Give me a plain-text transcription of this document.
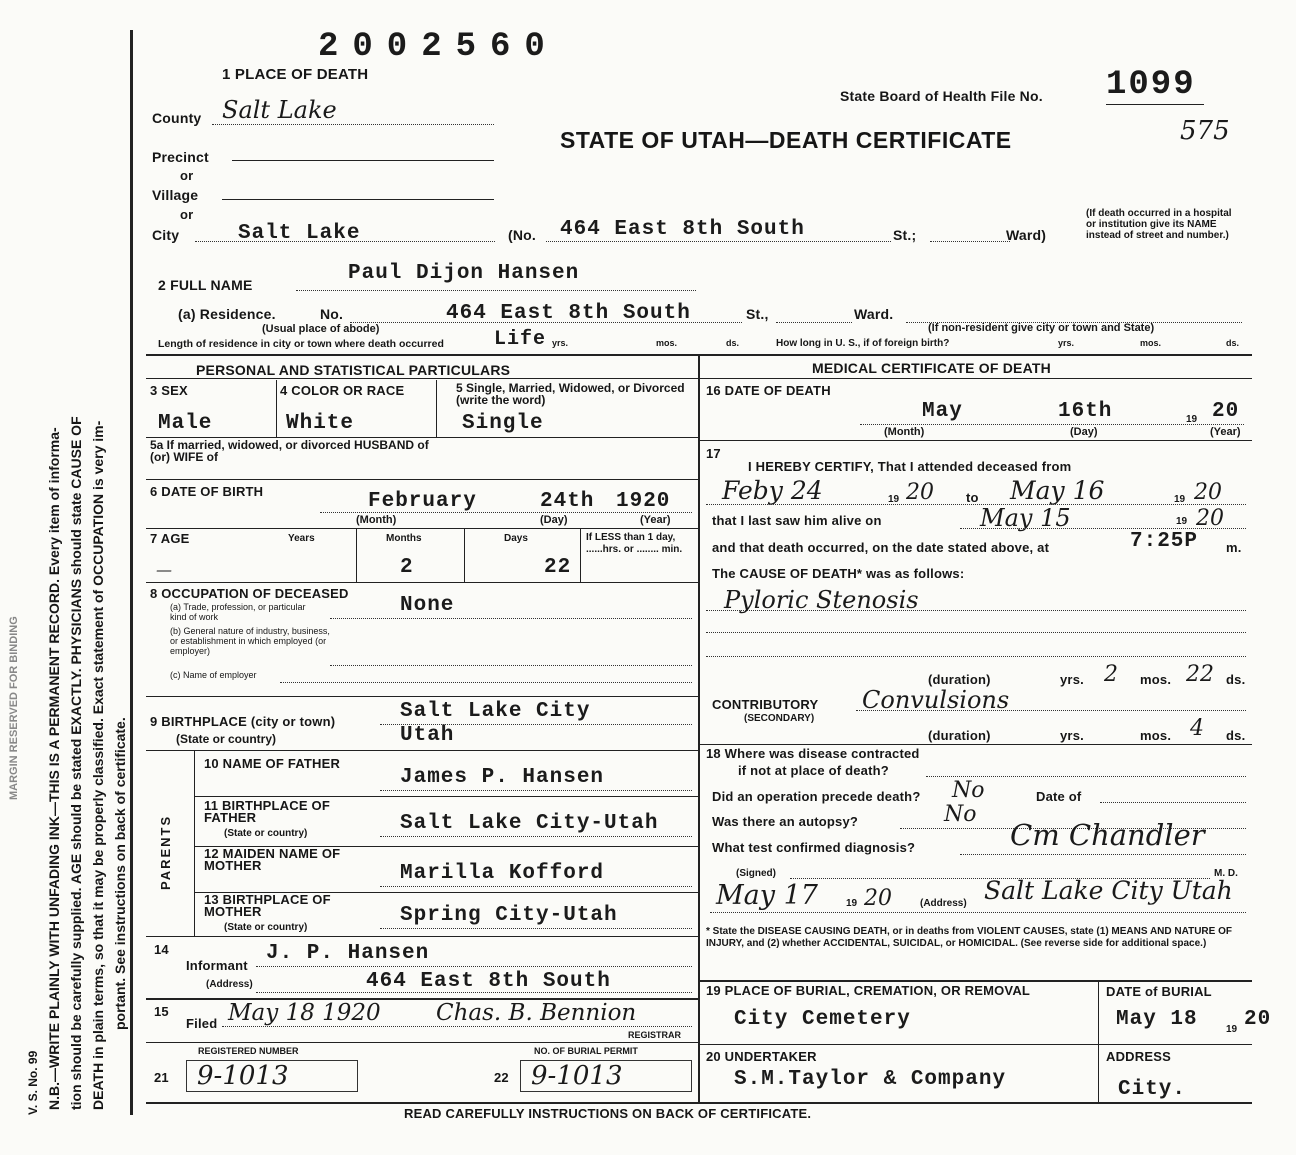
MARGIN RESERVED FOR BINDING
V. S. No. 99 N.B.—WRITE PLAINLY WITH UNFADING INK—THIS IS A PERMANENT RECORD. Every item of informa- tion should be carefully supplied. AGE should be stated EXACTLY. PHYSICIANS should state CAUSE OF DEATH in plain terms, so that it may be properly classified. Exact statement of OCCUPATION is very im- portant. See instructions on back of certificate.
2002560
1 PLACE OF DEATH
State Board of Health File No. 1099
575
STATE OF UTAH—DEATH CERTIFICATE
County Salt Lake
Precinct
or
Village
or
City	Salt Lake	(No. 464 East 8th South	St.;	Ward)
(If death occurred in a hospital or institution give its NAME instead of street and number.)
2 FULL NAME	Paul Dijon Hansen
(a) Residence.	No.	464 East 8th South	St.,	Ward.
(Usual place of abode)	(If non-resident give city or town and State)
Length of residence in city or town where death occurred	Life yrs.	mos.	ds.	How long in U. S., if of foreign birth?	yrs.	mos.	ds.
PERSONAL AND STATISTICAL PARTICULARS	MEDICAL CERTIFICATE OF DEATH
3 SEX
Male
4 COLOR OR RACE
White
5 Single, Married, Widowed, or Divorced (write the word)
Single
5a If married, widowed, or divorced HUSBAND of (or) WIFE of
6 DATE OF BIRTH	February	24th 1920
(Month)	(Day)	(Year)
7 AGE	Years	Months	Days
—	2	22
If LESS than 1 day, ......hrs. or ........ min.
8 OCCUPATION OF DECEASED
None
(a) Trade, profession, or particular kind of work
(b) General nature of industry, business, or establishment in which employed (or employer)
(c) Name of employer
9 BIRTHPLACE (city or town)
(State or country)
Salt Lake City
Utah
PARENTS
10 NAME OF FATHER
James P. Hansen
11 BIRTHPLACE OF FATHER
(State or country)	Salt Lake City-Utah
12 MAIDEN NAME OF MOTHER	Marilla Kofford
13 BIRTHPLACE OF MOTHER
(State or country)
Spring City-Utah
14
Informant
J. P. Hansen
(Address)	464 East 8th South
15
Filed May 18 1920 Chas. B. Bennion
REGISTRAR
REGISTERED NUMBER	NO. OF BURIAL PERMIT
21	9-1013	22 9-1013
16 DATE OF DEATH
May	16th	19 20
(Month)	(Day)	(Year)
17
I HEREBY CERTIFY, That I attended deceased from
Feby 24	19 20 to May 16	19 20
that I last saw him alive on	May 15	19 20
and that death occurred, on the date stated above, at	7:25P m.
The CAUSE OF DEATH* was as follows:
Pyloric Stenosis
(duration)	yrs. 2 mos. 22 ds.
CONTRIBUTORY
(SECONDARY)
Convulsions
(duration)	yrs.	mos. 4 ds.
18 Where was disease contracted
if not at place of death?
Did an operation precede death? No	Date of
Was there an autopsy?	No
What test confirmed diagnosis?	Cm Chandler
(Signed)	M. D.
May 17	19 20	(Address) Salt Lake City Utah
* State the DISEASE CAUSING DEATH, or in deaths from VIOLENT CAUSES, state (1) MEANS AND NATURE OF INJURY, and (2) whether ACCIDENTAL, SUICIDAL, or HOMICIDAL. (See reverse side for additional space.)
19 PLACE OF BURIAL, CREMATION, OR REMOVAL
City Cemetery
DATE of BURIAL
May 18	19 20
20 UNDERTAKER
S.M.Taylor & Company
ADDRESS
City.
READ CAREFULLY INSTRUCTIONS ON BACK OF CERTIFICATE.
